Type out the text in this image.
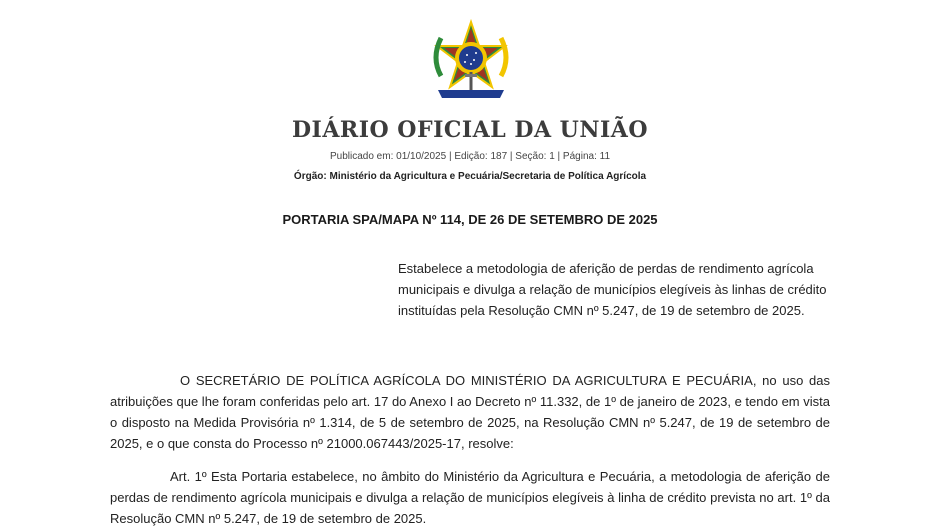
DIÁRIO OFICIAL DA UNIÃO
Publicado em: 01/10/2025 | Edição: 187 | Seção: 1 | Página: 11
Órgão: Ministério da Agricultura e Pecuária/Secretaria de Política Agrícola
PORTARIA SPA/MAPA Nº 114, DE 26 DE SETEMBRO DE 2025
Estabelece a metodologia de aferição de perdas de rendimento agrícola municipais e divulga a relação de municípios elegíveis às linhas de crédito instituídas pela Resolução CMN nº 5.247, de 19 de setembro de 2025.
O SECRETÁRIO DE POLÍTICA AGRÍCOLA DO MINISTÉRIO DA AGRICULTURA E PECUÁRIA, no uso das atribuições que lhe foram conferidas pelo art. 17 do Anexo I ao Decreto nº 11.332, de 1º de janeiro de 2023, e tendo em vista o disposto na Medida Provisória nº 1.314, de 5 de setembro de 2025, na Resolução CMN nº 5.247, de 19 de setembro de 2025, e o que consta do Processo nº 21000.067443/2025-17, resolve:
Art. 1º Esta Portaria estabelece, no âmbito do Ministério da Agricultura e Pecuária, a metodologia de aferição de perdas de rendimento agrícola municipais e divulga a relação de municípios elegíveis à linha de crédito prevista no art. 1º da Resolução CMN nº 5.247, de 19 de setembro de 2025.
